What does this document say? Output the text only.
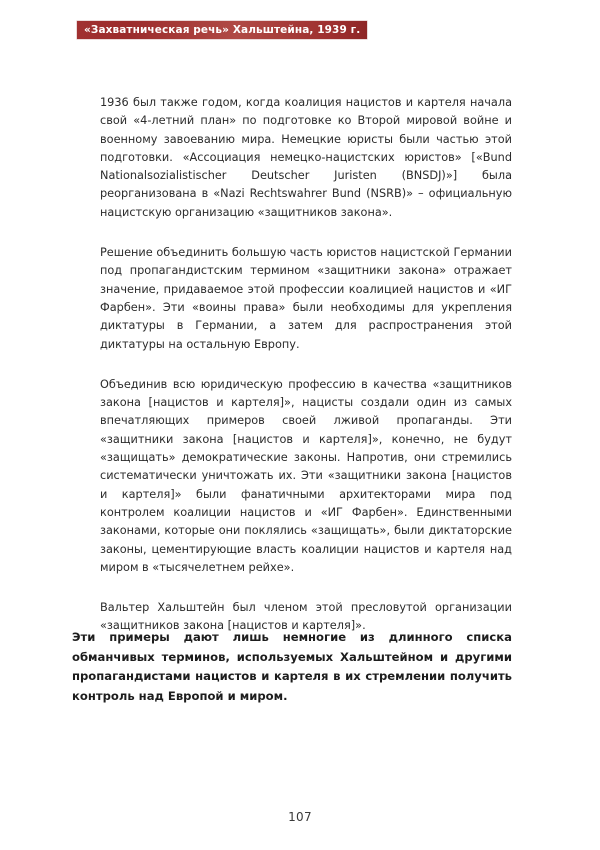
«Захватническая речь» Хальштейна, 1939 г.

1936 был также годом, когда коалиция нацистов и картеля начала свой «4-летний план» по подготовке ко Второй мировой войне и военному завоеванию мира. Немецкие юристы были частью этой подготовки. «Ассоциация немецко-нацистских юристов» [«Bund Nationalsozialistischer Deutscher Juristen (BNSDJ)»] была реорганизована в «Nazi Rechtswahrer Bund (NSRB)» – официальную нацистскую организацию «защитников закона».

Решение объединить большую часть юристов нацистской Германии под пропагандистским термином «защитники закона» отражает значение, придаваемое этой профессии коалицией нацистов и «ИГ Фарбен». Эти «воины права» были необходимы для укрепления диктатуры в Германии, а затем для распространения этой диктатуры на остальную Европу.

Объединив всю юридическую профессию в качества «защитников закона [нацистов и картеля]», нацисты создали один из самых впечатляющих примеров своей лживой пропаганды. Эти «защитники закона [нацистов и картеля]», конечно, не будут «защищать» демократические законы. Напротив, они стремились систематически уничтожать их. Эти «защитники закона [нацистов и картеля]» были фанатичными архитекторами мира под контролем коалиции нацистов и «ИГ Фарбен». Единственными законами, которые они поклялись «защищать», были диктаторские законы, цементирующие власть коалиции нацистов и картеля над миром в «тысячелетнем рейхе».

Вальтер Хальштейн был членом этой пресловутой организации «защитников закона [нацистов и картеля]».

Эти примеры дают лишь немногие из длинного списка обманчивых терминов, используемых Хальштейном и другими пропагандистами нацистов и картеля в их стремлении получить контроль над Европой и миром.

107
